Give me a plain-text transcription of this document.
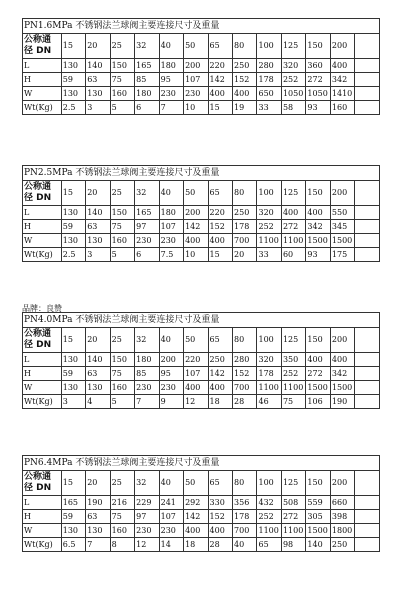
PN1.6MPa 不锈钢法兰球阀主要连接尺寸及重量													
公称通径 DN	15	20	25	32	40	50	65	80	100	125	150	200	
L	130	140	150	165	180	200	220	250	280	320	360	400	
H	59	63	75	85	95	107	142	152	178	252	272	342	
W	130	130	160	180	230	230	400	400	650	1050	1050	1410	
Wt(Kg)	2.5	3	5	6	7	10	15	19	33	58	93	160	
PN2.5MPa 不锈钢法兰球阀主要连接尺寸及重量													
公称通径 DN	15	20	25	32	40	50	65	80	100	125	150	200	
L	130	140	150	165	180	200	220	250	320	400	400	550	
H	59	63	75	97	107	142	152	178	252	272	342	345	
W	130	130	160	230	230	400	400	700	1100	1100	1500	1500	
Wt(Kg)	2.5	3	5	6	7.5	10	15	20	33	60	93	175	
品牌：良赞
PN4.0MPa 不锈钢法兰球阀主要连接尺寸及重量													
公称通径 DN	15	20	25	32	40	50	65	80	100	125	150	200	
L	130	140	150	180	200	220	250	280	320	350	400	400	
H	59	63	75	85	95	107	142	152	178	252	272	342	
W	130	130	160	230	230	400	400	700	1100	1100	1500	1500	
Wt(Kg)	3	4	5	7	9	12	18	28	46	75	106	190	
PN6.4MPa 不锈钢法兰球阀主要连接尺寸及重量													
公称通径 DN	15	20	25	32	40	50	65	80	100	125	150	200	
L	165	190	216	229	241	292	330	356	432	508	559	660	
H	59	63	75	97	107	142	152	178	252	272	305	398	
W	130	130	160	230	230	400	400	700	1100	1100	1500	1800	
Wt(Kg)	6.5	7	8	12	14	18	28	40	65	98	140	250	
